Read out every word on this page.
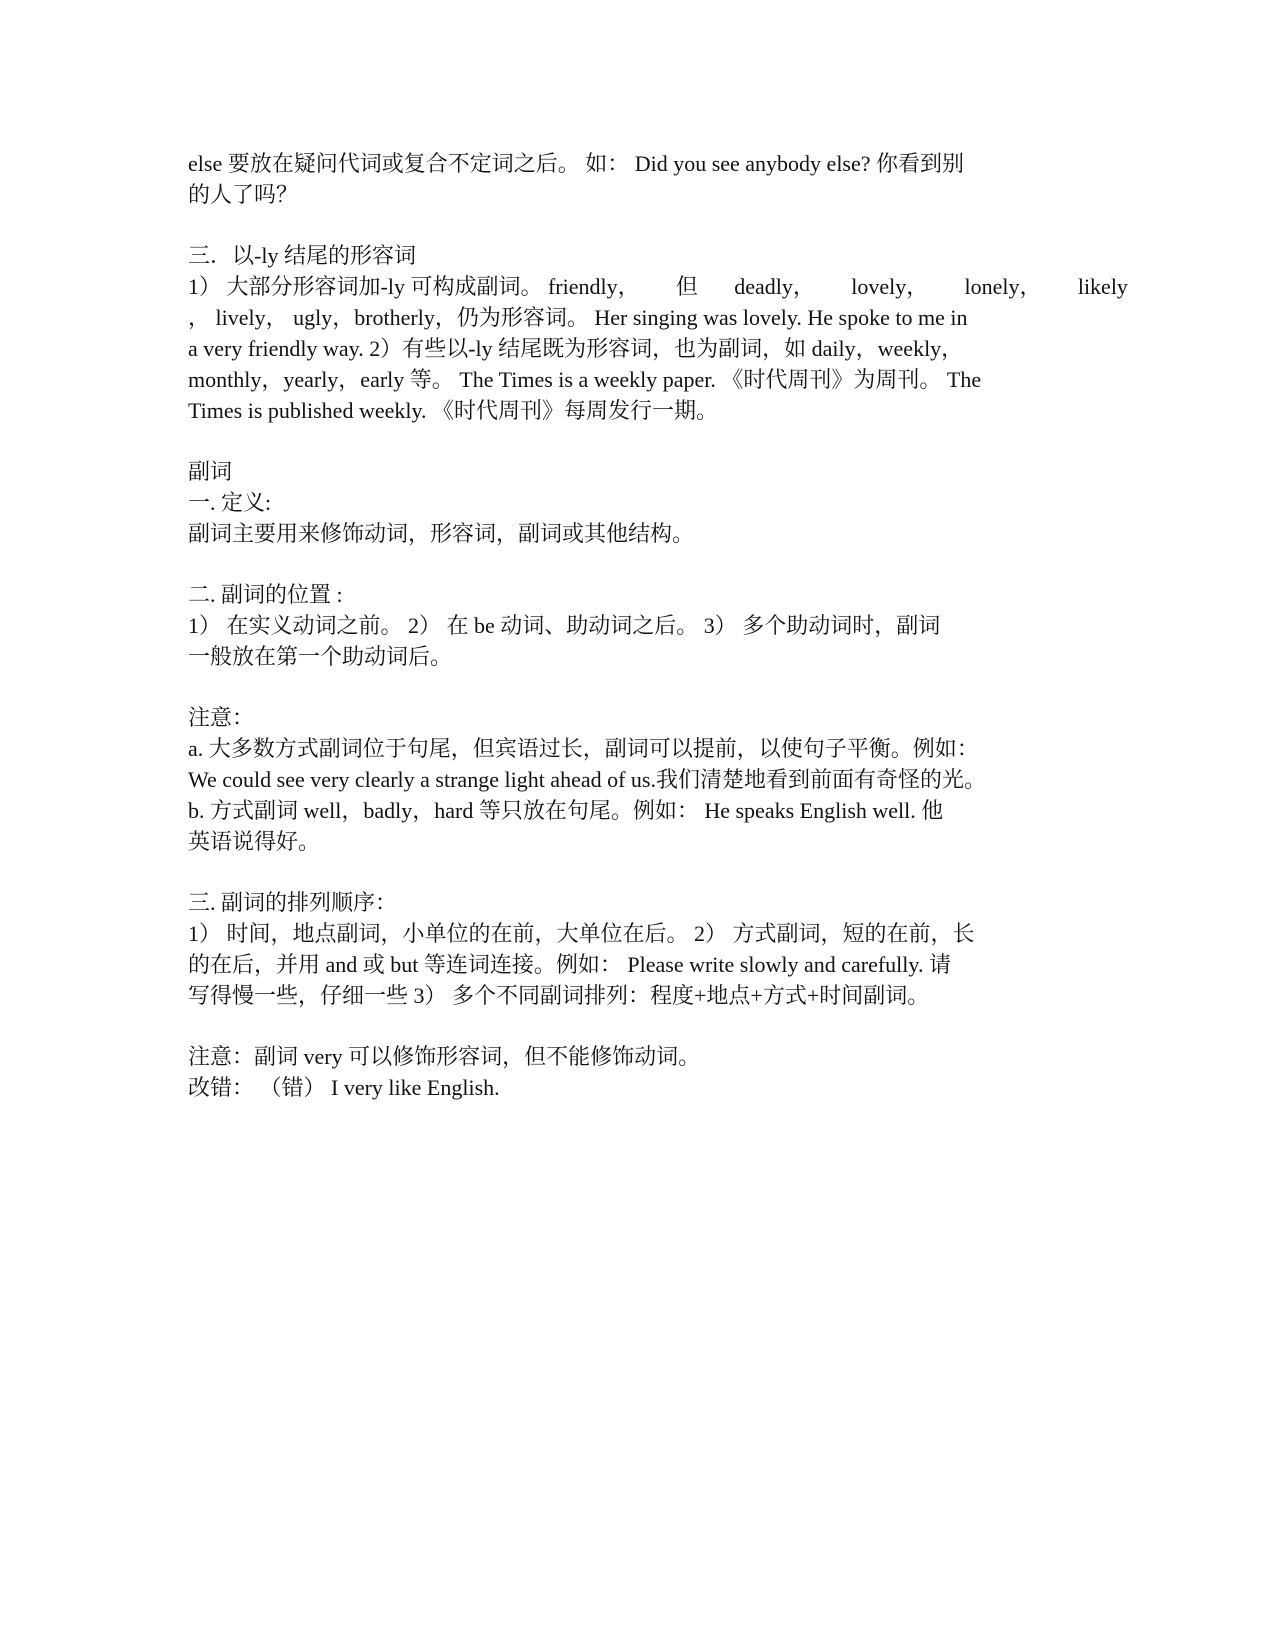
else 要放在疑问代词或复合不定词之后。 如： Did you see anybody else? 你看到别
的人了吗？
三．以-ly 结尾的形容词
1） 大部分形容词加-ly 可构成副词。 friendly， 但 deadly， lovely， lonely， likely
， lively， ugly，brotherly，仍为形容词。 Her singing was lovely. He spoke to me in
a very friendly way. 2）有些以-ly 结尾既为形容词，也为副词，如 daily，weekly，
monthly，yearly，early 等。 The Times is a weekly paper. 《时代周刊》为周刊。 The
Times is published weekly. 《时代周刊》每周发行一期。
副词
一. 定义:
副词主要用来修饰动词，形容词，副词或其他结构。
二. 副词的位置 :
1） 在实义动词之前。 2） 在 be 动词、助动词之后。 3） 多个助动词时，副词
一般放在第一个助动词后。
注意：
a. 大多数方式副词位于句尾，但宾语过长，副词可以提前，以使句子平衡。例如：
We could see very clearly a strange light ahead of us.我们清楚地看到前面有奇怪的光。
b. 方式副词 well，badly，hard 等只放在句尾。例如： He speaks English well. 他
英语说得好。
三. 副词的排列顺序：
1） 时间，地点副词，小单位的在前，大单位在后。 2） 方式副词，短的在前，长
的在后，并用 and 或 but 等连词连接。例如： Please write slowly and carefully. 请
写得慢一些，仔细一些 3） 多个不同副词排列：程度+地点+方式+时间副词。
注意：副词 very 可以修饰形容词，但不能修饰动词。
改错： （错） I very like English.
